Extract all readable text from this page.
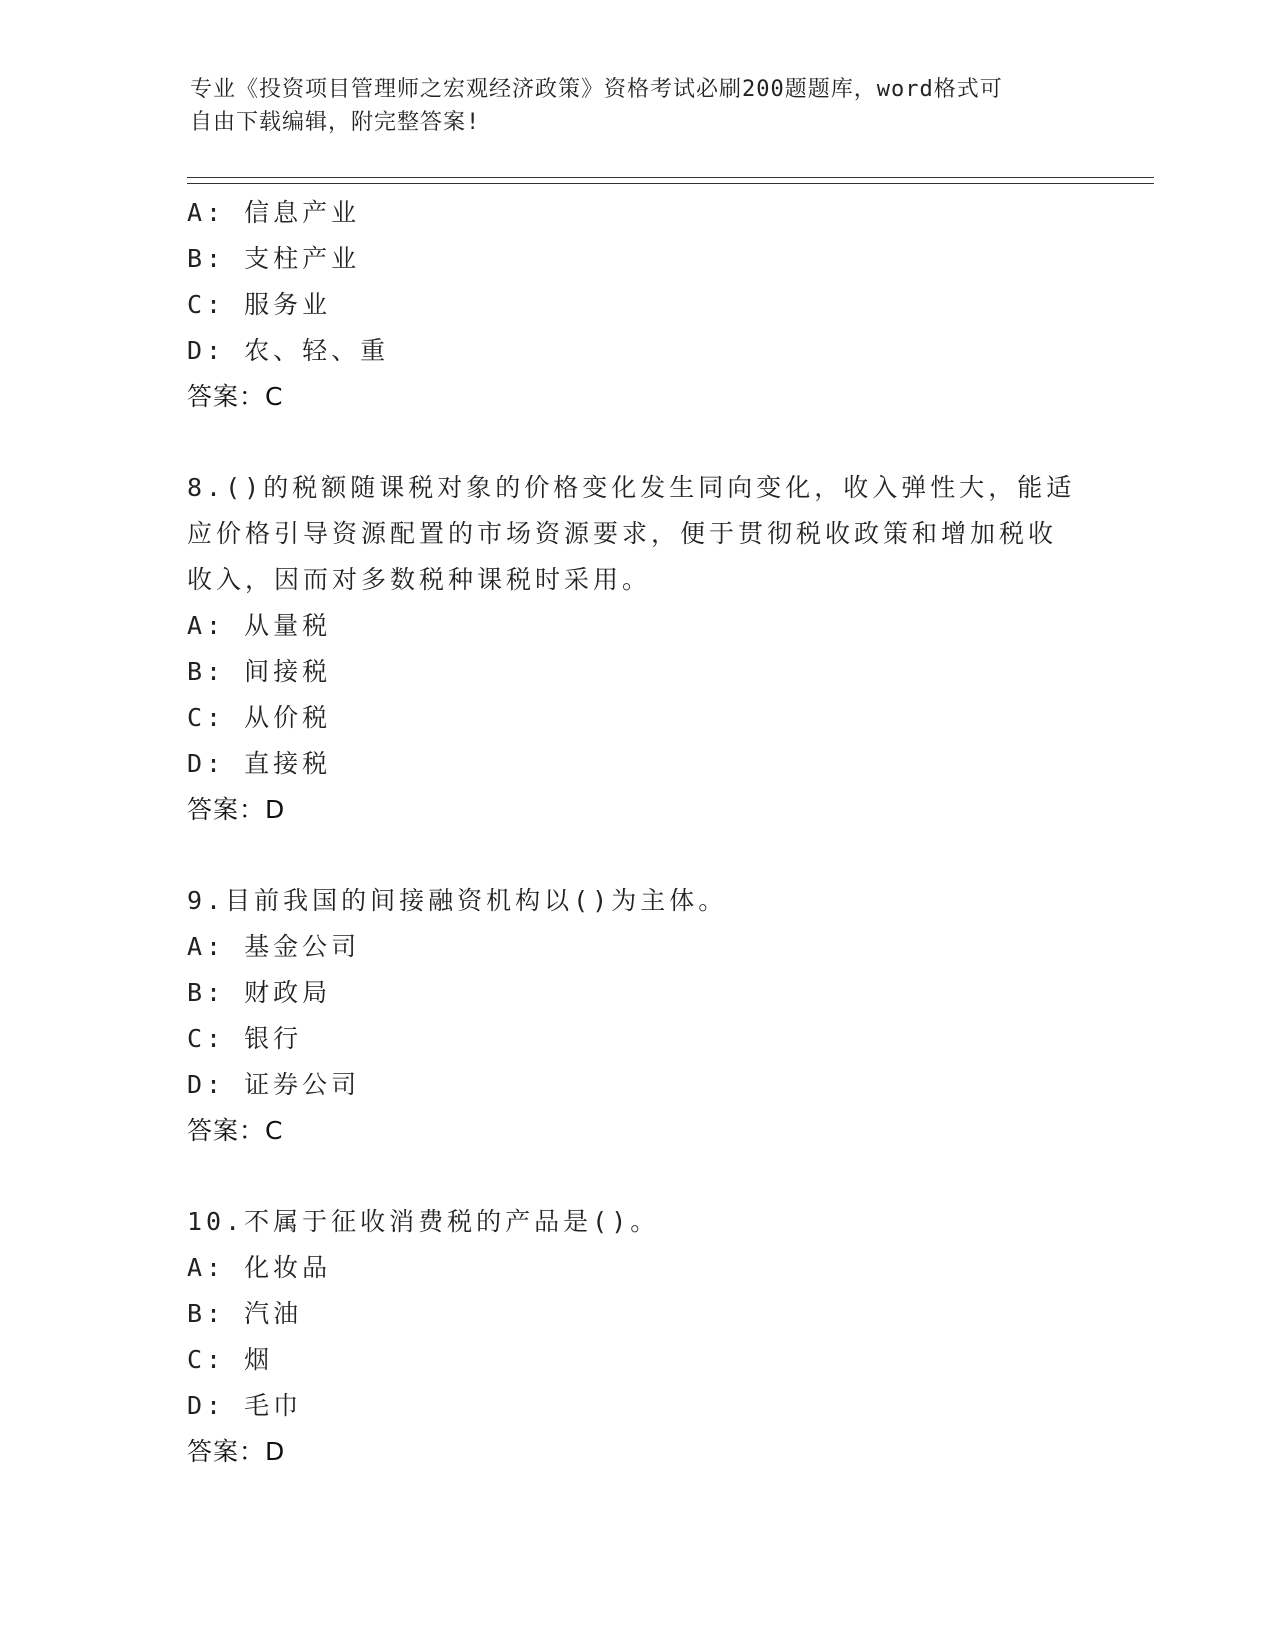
专业《投资项目管理师之宏观经济政策》资格考试必刷200题题库，word格式可
自由下载编辑，附完整答案!
A: 信息产业
B: 支柱产业
C: 服务业
D: 农、轻、重
答案：C
8.()的税额随课税对象的价格变化发生同向变化，收入弹性大，能适
应价格引导资源配置的市场资源要求，便于贯彻税收政策和增加税收
收入，因而对多数税种课税时采用。
A: 从量税
B: 间接税
C: 从价税
D: 直接税
答案：D
9.目前我国的间接融资机构以()为主体。
A: 基金公司
B: 财政局
C: 银行
D: 证券公司
答案：C
10.不属于征收消费税的产品是()。
A: 化妆品
B: 汽油
C: 烟
D: 毛巾
答案：D
